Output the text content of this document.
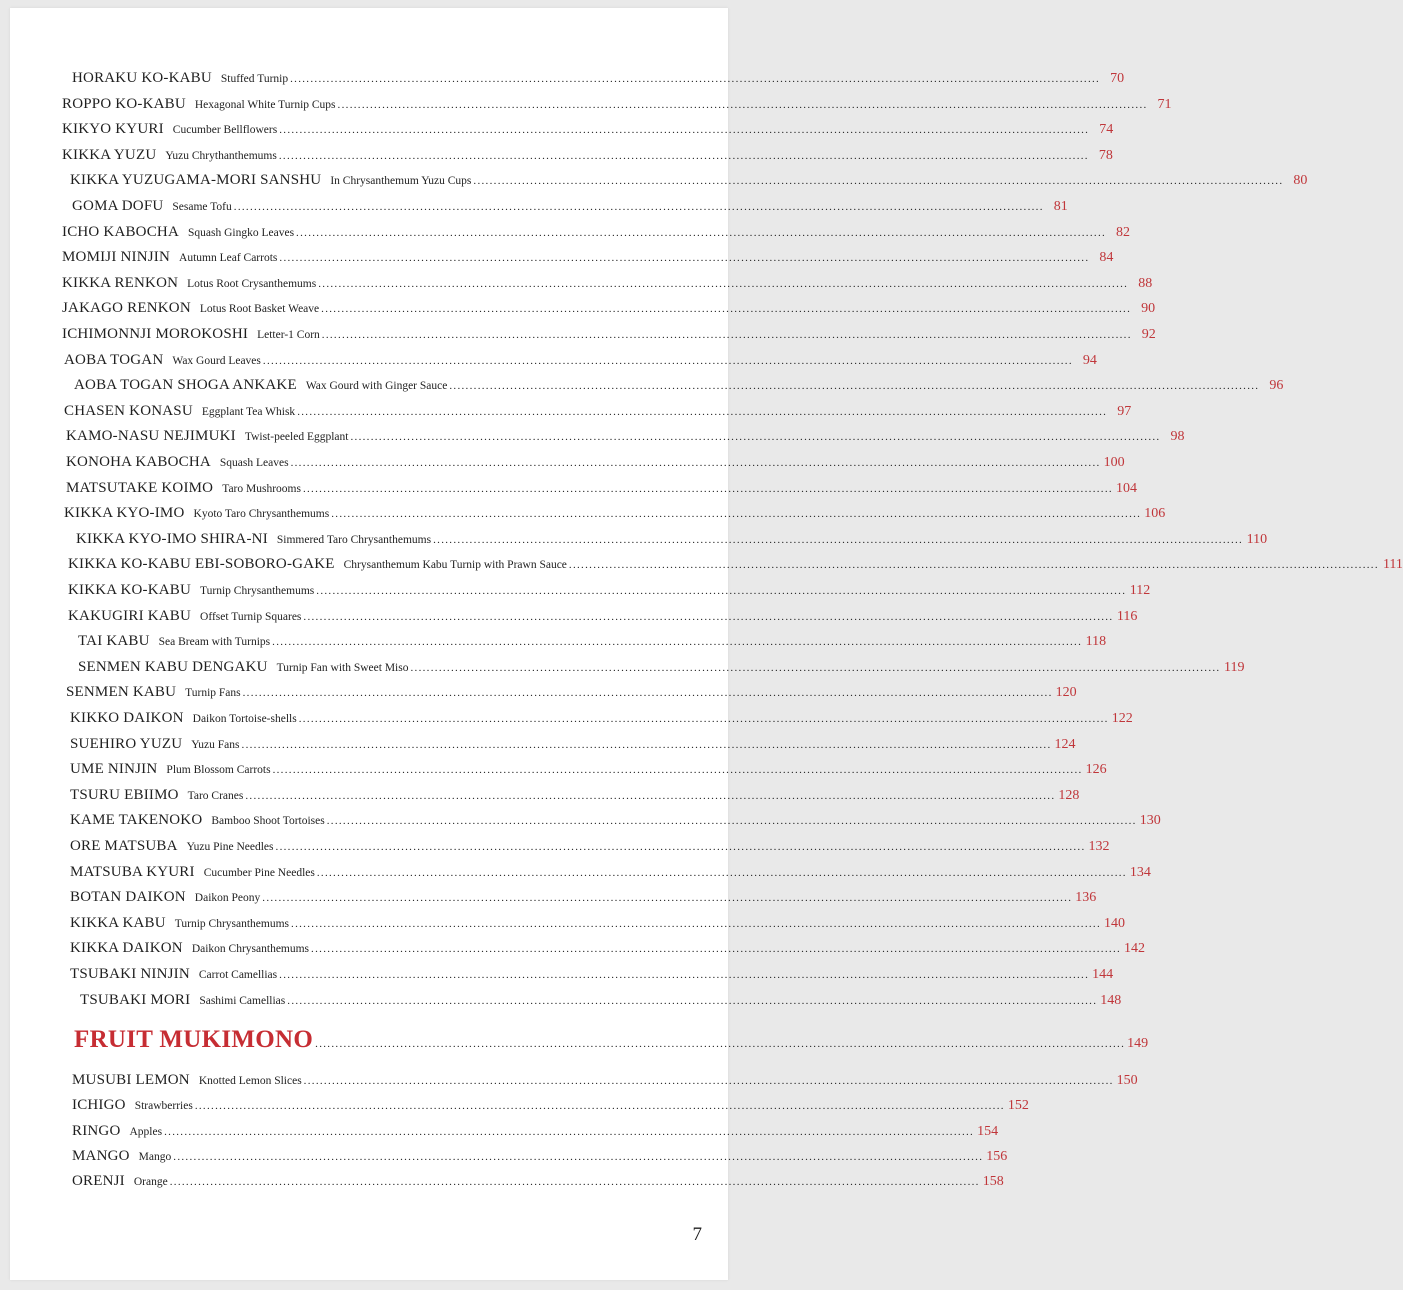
HORAKU KO-KABU Stuffed Turnip ........................................................................................................................................................................................................ 70
ROPPO KO-KABU Hexagonal White Turnip Cups ........................................................................................................................................................................................................ 71
KIKYO KYURI Cucumber Bellflowers ........................................................................................................................................................................................................ 74
KIKKA YUZU Yuzu Chrythanthemums ........................................................................................................................................................................................................ 78
KIKKA YUZUGAMA-MORI SANSHU In Chrysanthemum Yuzu Cups ........................................................................................................................................................................................................ 80
GOMA DOFU Sesame Tofu ........................................................................................................................................................................................................ 81
ICHO KABOCHA Squash Gingko Leaves ........................................................................................................................................................................................................ 82
MOMIJI NINJIN Autumn Leaf Carrots ........................................................................................................................................................................................................ 84
KIKKA RENKON Lotus Root Crysanthemums ........................................................................................................................................................................................................ 88
JAKAGO RENKON Lotus Root Basket Weave ........................................................................................................................................................................................................ 90
ICHIMONNJI MOROKOSHI Letter-1 Corn ........................................................................................................................................................................................................ 92
AOBA TOGAN Wax Gourd Leaves ........................................................................................................................................................................................................ 94
AOBA TOGAN SHOGA ANKAKE Wax Gourd with Ginger Sauce ........................................................................................................................................................................................................ 96
CHASEN KONASU Eggplant Tea Whisk ........................................................................................................................................................................................................ 97
KAMO-NASU NEJIMUKI Twist-peeled Eggplant ........................................................................................................................................................................................................ 98
KONOHA KABOCHA Squash Leaves ........................................................................................................................................................................................................ 100
MATSUTAKE KOIMO Taro Mushrooms ........................................................................................................................................................................................................ 104
KIKKA KYO-IMO Kyoto Taro Chrysanthemums ........................................................................................................................................................................................................ 106
KIKKA KYO-IMO SHIRA-NI Simmered Taro Chrysanthemums ........................................................................................................................................................................................................ 110
KIKKA KO-KABU EBI-SOBORO-GAKE Chrysanthemum Kabu Turnip with Prawn Sauce ........................................................................................................................................................................................................ 111
KIKKA KO-KABU Turnip Chrysanthemums ........................................................................................................................................................................................................ 112
KAKUGIRI KABU Offset Turnip Squares ........................................................................................................................................................................................................ 116
TAI KABU Sea Bream with Turnips ........................................................................................................................................................................................................ 118
SENMEN KABU DENGAKU Turnip Fan with Sweet Miso ........................................................................................................................................................................................................ 119
SENMEN KABU Turnip Fans ........................................................................................................................................................................................................ 120
KIKKO DAIKON Daikon Tortoise-shells ........................................................................................................................................................................................................ 122
SUEHIRO YUZU Yuzu Fans ........................................................................................................................................................................................................ 124
UME NINJIN Plum Blossom Carrots ........................................................................................................................................................................................................ 126
TSURU EBIIMO Taro Cranes ........................................................................................................................................................................................................ 128
KAME TAKENOKO Bamboo Shoot Tortoises ........................................................................................................................................................................................................ 130
ORE MATSUBA Yuzu Pine Needles ........................................................................................................................................................................................................ 132
MATSUBA KYURI Cucumber Pine Needles ........................................................................................................................................................................................................ 134
BOTAN DAIKON Daikon Peony ........................................................................................................................................................................................................ 136
KIKKA KABU Turnip Chrysanthemums ........................................................................................................................................................................................................ 140
KIKKA DAIKON Daikon Chrysanthemums ........................................................................................................................................................................................................ 142
TSUBAKI NINJIN Carrot Camellias ........................................................................................................................................................................................................ 144
TSUBAKI MORI Sashimi Camellias ........................................................................................................................................................................................................ 148
FRUIT MUKIMONO ........................................................................................................................................................................................................ 149
MUSUBI LEMON Knotted Lemon Slices ........................................................................................................................................................................................................ 150
ICHIGO Strawberries ........................................................................................................................................................................................................ 152
RINGO Apples ........................................................................................................................................................................................................ 154
MANGO Mango ........................................................................................................................................................................................................ 156
ORENJI Orange ........................................................................................................................................................................................................ 158
7
